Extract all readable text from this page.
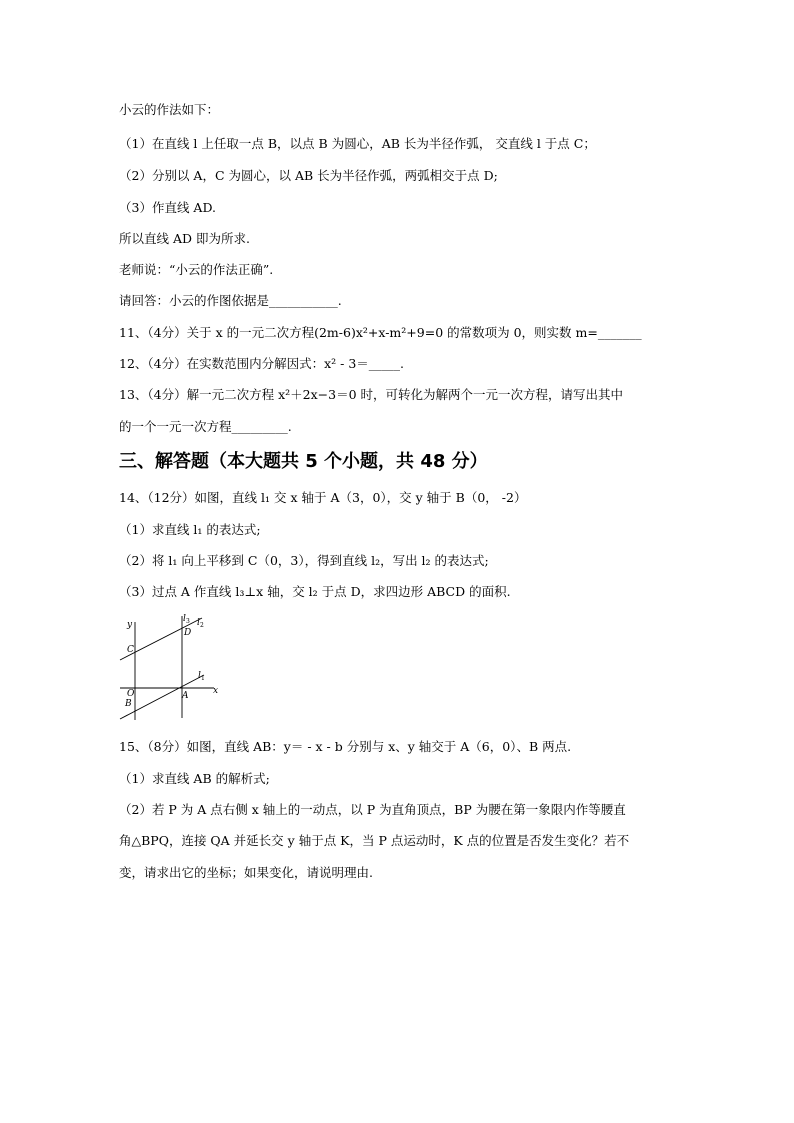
小云的作法如下：
（1）在直线 l 上任取一点 B，以点 B 为圆心，AB 长为半径作弧， 交直线 l 于点 C；
（2）分别以 A，C 为圆心，以 AB 长为半径作弧，两弧相交于点 D;
（3）作直线 AD.
所以直线 AD 即为所求.
老师说：“小云的作法正确”.
请回答：小云的作图依据是___________.
11、（4分）关于 x 的一元二次方程(2m-6)x²+x-m²+9=0 的常数项为 0，则实数 m=_______
12、（4分）在实数范围内分解因式：x² - 3＝_____.
13、（4分）解一元二次方程 x²＋2x−3＝0 时，可转化为解两个一元一次方程，请写出其中
的一个一元一次方程_________.
三、解答题（本大题共 5 个小题，共 48 分）
14、（12分）如图，直线 l₁ 交 x 轴于 A（3，0），交 y 轴于 B（0， -2）
（1）求直线 l₁ 的表达式;
（2）将 l₁ 向上平移到 C（0，3），得到直线 l₂，写出 l₂ 的表达式;
（3）过点 A 作直线 l₃⊥x 轴，交 l₂ 于点 D，求四边形 ABCD 的面积.
y
x
O	A
B
C
D
l 1
l 2
l 3
15、（8分）如图，直线 AB：y＝ - x - b 分别与 x、y 轴交于 A（6，0）、B 两点.
（1）求直线 AB 的解析式;
（2）若 P 为 A 点右侧 x 轴上的一动点，以 P 为直角顶点，BP 为腰在第一象限内作等腰直
角△BPQ，连接 QA 并延长交 y 轴于点 K，当 P 点运动时，K 点的位置是否发生变化？若不
变，请求出它的坐标；如果变化，请说明理由.
